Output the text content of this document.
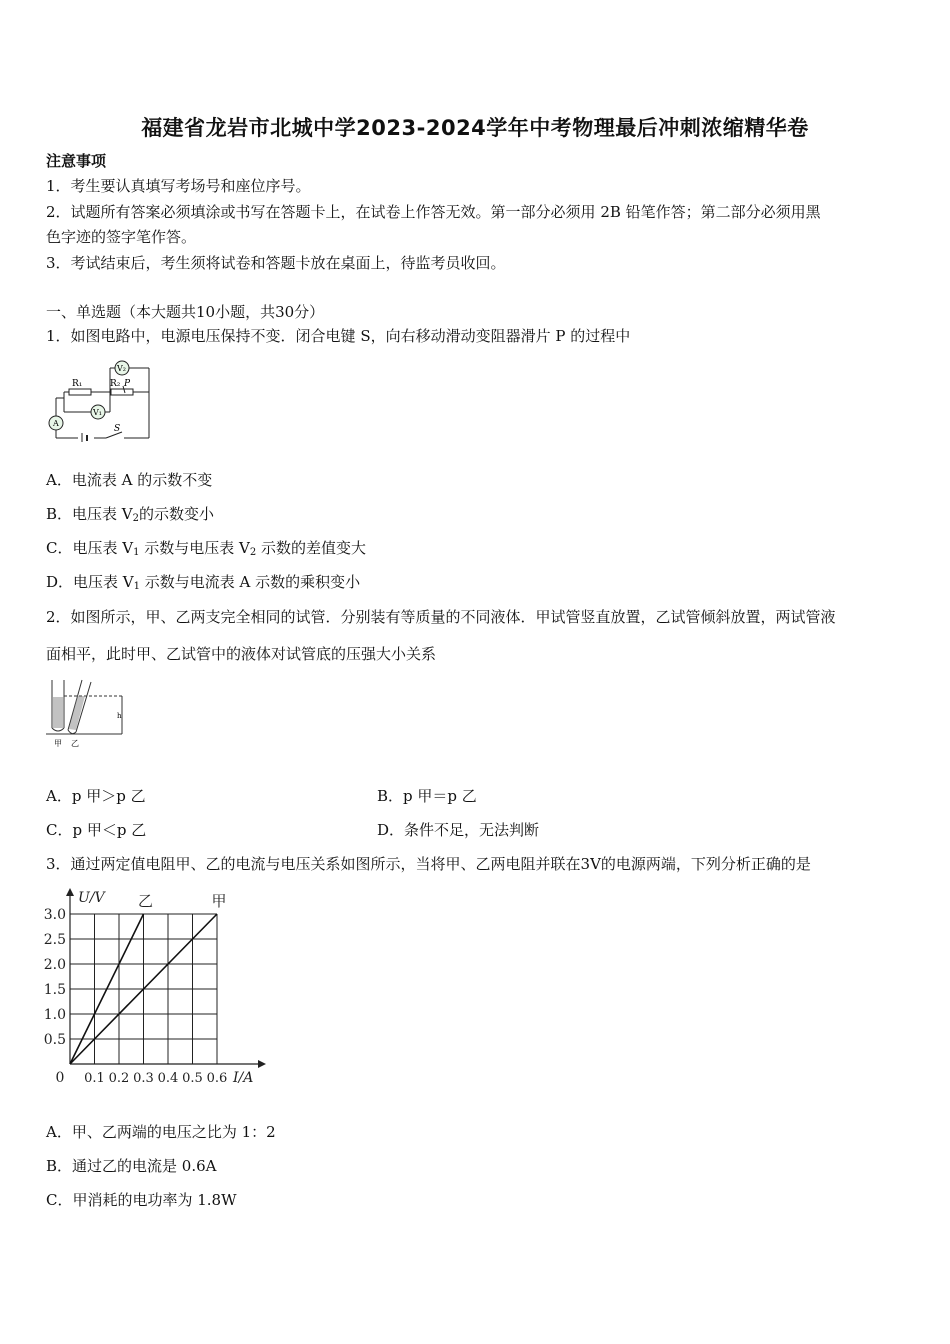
福建省龙岩市北城中学2023-2024学年中考物理最后冲刺浓缩精华卷
注意事项
1．考生要认真填写考场号和座位序号。
2．试题所有答案必须填涂或书写在答题卡上，在试卷上作答无效。第一部分必须用 2B 铅笔作答；第二部分必须用黑
色字迹的签字笔作答。
3．考试结束后，考生须将试卷和答题卡放在桌面上，待监考员收回。
一、单选题（本大题共10小题，共30分）
1．如图电路中，电源电压保持不变．闭合电键 S，向右移动滑动变阻器滑片 P 的过程中
R₁	R₂ P
V₂
V₁
A
S
A．电流表 A 的示数不变
B．电压表 $V_2$的示数变小
C．电压表 $V_1$ 示数与电压表 $V_2$ 示数的差值变大
D．电压表 $V_1$ 示数与电流表 A 示数的乘积变小
2．如图所示，甲、乙两支完全相同的试管．分别装有等质量的不同液体．甲试管竖直放置，乙试管倾斜放置，两试管液
面相平，此时甲、乙试管中的液体对试管底的压强大小关系
h
甲 乙
A．p 甲＞p 乙	B．p 甲＝p 乙
C．p 甲＜p 乙	D．条件不足，无法判断
3．通过两定值电阻甲、乙的电流与电压关系如图所示，当将甲、乙两电阻并联在3V的电源两端，下列分析正确的是
0.1 0.2 0.3 0.4 0.5 0.6
0.5
1.0
1.5
2.0
2.5
3.0
0	I/A
U/V 乙	甲
A．甲、乙两端的电压之比为 1：2
B．通过乙的电流是 0.6A
C．甲消耗的电功率为 1.8W
